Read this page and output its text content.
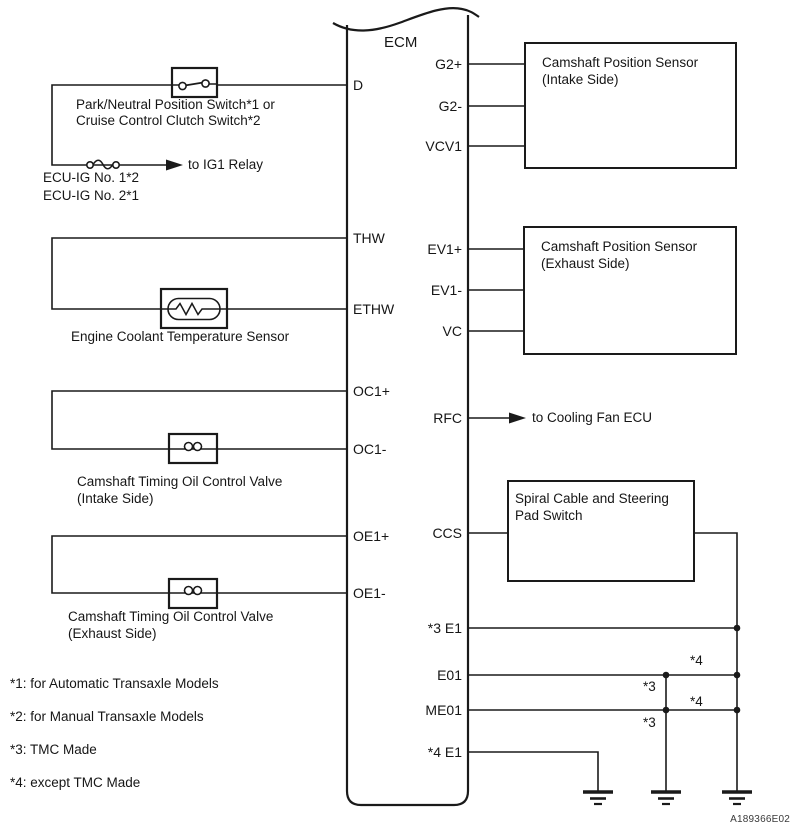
ECM
D
THW
ETHW
OC1+
OC1-
OE1+
OE1-
G2+
G2-
VCV1
EV1+
EV1-
VC
RFC
CCS
*3 E1
E01
ME01
*4 E1
Park/Neutral Position Switch*1 or
Cruise Control Clutch Switch*2
to IG1 Relay
ECU-IG No. 1*2
ECU-IG No. 2*1
Engine Coolant Temperature Sensor
Camshaft Timing Oil Control Valve
(Intake Side)
Camshaft Timing Oil Control Valve
(Exhaust Side)
Camshaft Position Sensor
(Intake Side)
Camshaft Position Sensor
(Exhaust Side)
Spiral Cable and Steering
Pad Switch
to Cooling Fan ECU
*4
*3
*4
*3
*1: for Automatic Transaxle Models
*2: for Manual Transaxle Models
*3: TMC Made
*4: except TMC Made
A189366E02
